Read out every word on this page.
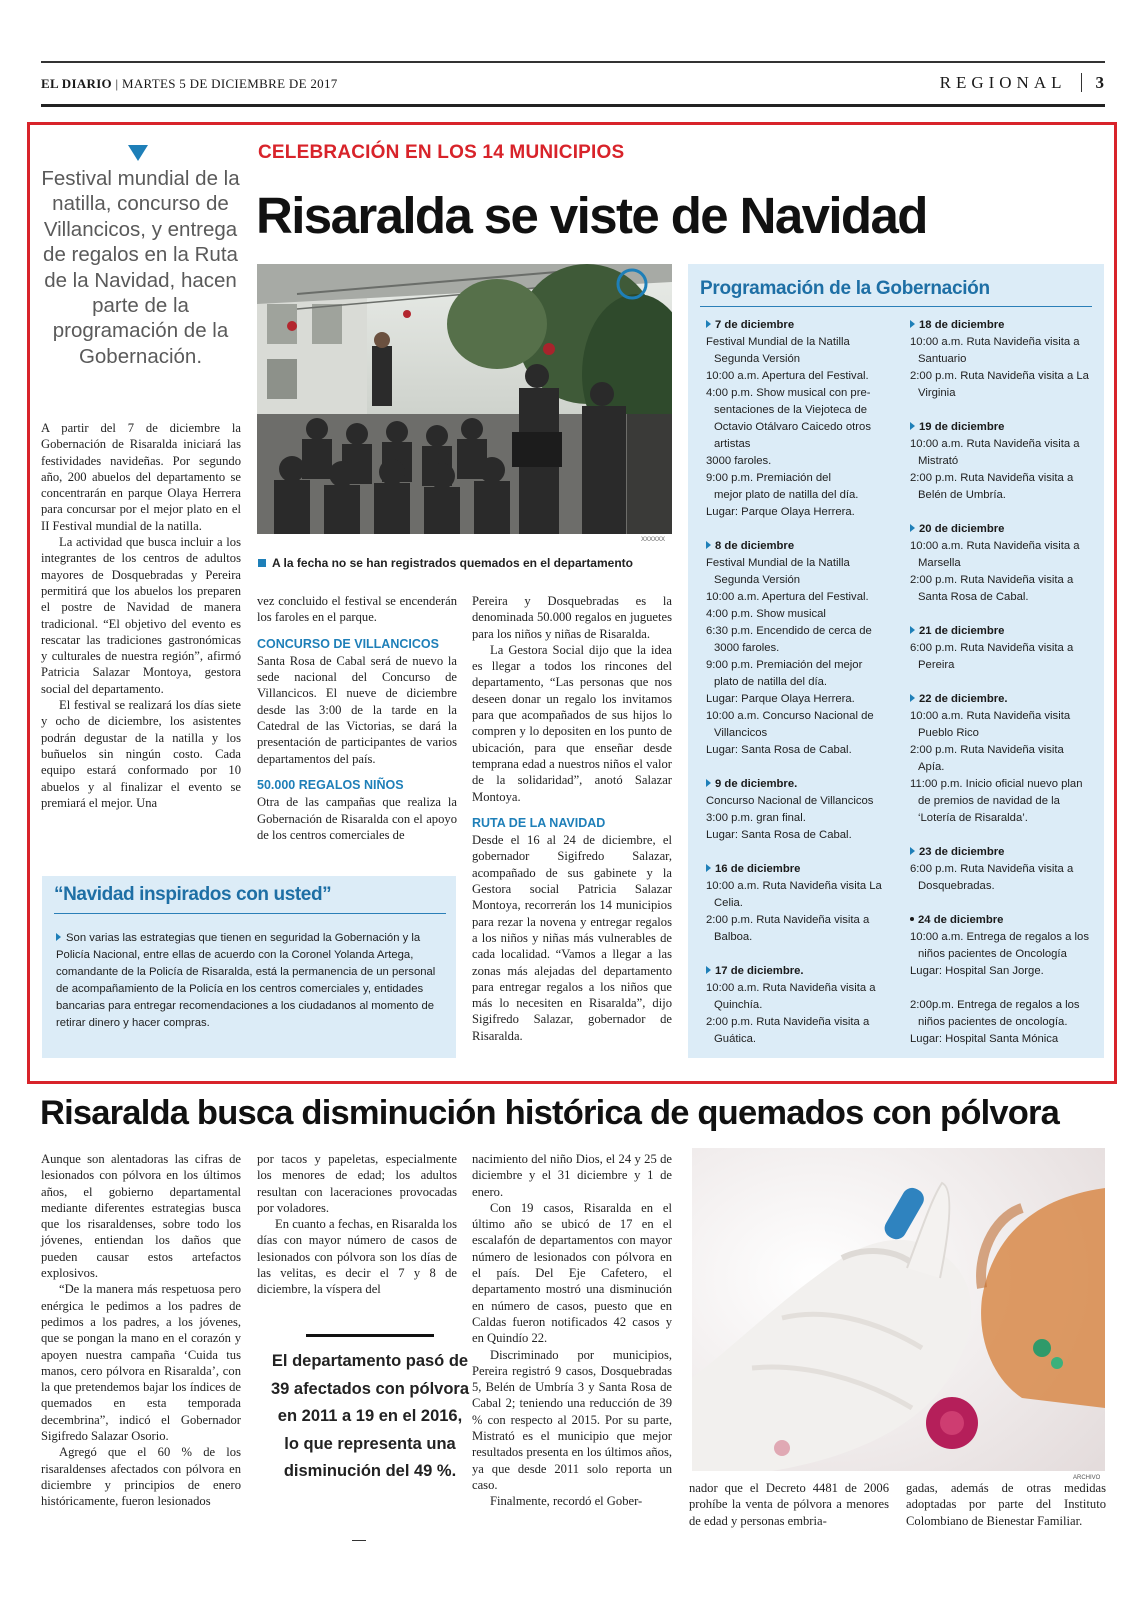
EL DIARIO | MARTES 5 DE DICIEMBRE DE 2017	REGIONAL 3
Festival mundial de la natilla, concurso de Villancicos, y entrega de regalos en la Ruta de la Navidad, hacen parte de la programación de la Gobernación.
CELEBRACIÓN EN LOS 14 MUNICIPIOS
Risaralda se viste de Navidad
XXXXXX
A la fecha no se han registrados quemados en el departamento

A partir del 7 de diciembre la Gobernación de Risaralda iniciará las festividades navideñas. Por segundo año, 200 abuelos del departamento se concentrarán en parque Olaya Herrera para concursar por el mejor plato en el II Festival mundial de la natilla.

La actividad que busca incluir a los integrantes de los centros de adultos mayores de Dosquebradas y Pereira permitirá que los abuelos los preparen el postre de Navidad de manera tradicional. “El objetivo del evento es rescatar las tradiciones gastronómicas y culturales de nuestra región”, afirmó Patricia Salazar Montoya, gestora social del departamento.

El festival se realizará los días siete y ocho de diciembre, los asistentes podrán degustar de la natilla y los buñuelos sin ningún costo. Cada equipo estará conformado por 10 abuelos y al finalizar el evento se premiará el mejor. Una

vez concluido el festival se encenderán los faroles en el parque.

CONCURSO DE VILLANCICOS

Santa Rosa de Cabal será de nuevo la sede nacional del Concurso de Villancicos. El nueve de diciembre desde las 3:00 de la tarde en la Catedral de las Victorias, se dará la presentación de participantes de varios departamentos del país.

50.000 REGALOS NIÑOS

Otra de las campañas que realiza la Gobernación de Risaralda con el apoyo de los centros comerciales de

Pereira y Dosquebradas es la denominada 50.000 regalos en juguetes para los niños y niñas de Risaralda.

La Gestora Social dijo que la idea es llegar a todos los rincones del departamento, “Las personas que nos deseen donar un regalo los invitamos para que acompañados de sus hijos lo compren y lo depositen en los punto de ubicación, para que enseñar desde temprana edad a nuestros niños el valor de la solidaridad”, anotó Salazar Montoya.

RUTA DE LA NAVIDAD

Desde el 16 al 24 de diciembre, el gobernador Sigifredo Salazar, acompañado de sus gabinete y la Gestora social Patricia Salazar Montoya, recorrerán los 14 municipios para rezar la novena y entregar regalos a los niños y niñas más vulnerables de cada localidad. “Vamos a llegar a las zonas más alejadas del departamento para entregar regalos a los niños que más lo necesiten en Risaralda”, dijo Sigifredo Salazar, gobernador de Risaralda.

Programación de la Gobernación
7 de diciembre
Festival Mundial de la Natilla
Segunda Versión
10:00 a.m. Apertura del Festival.
4:00 p.m. Show musical con pre-
sentaciones de la Viejoteca de
Octavio Otálvaro Caicedo otros
artistas
3000 faroles.
9:00 p.m. Premiación del
mejor plato de natilla del día.
Lugar: Parque Olaya Herrera.
8 de diciembre
Festival Mundial de la Natilla
Segunda Versión
10:00 a.m. Apertura del Festival.
4:00 p.m. Show musical
6:30 p.m. Encendido de cerca de
3000 faroles.
9:00 p.m. Premiación del mejor
plato de natilla del día.
Lugar: Parque Olaya Herrera.
10:00 a.m. Concurso Nacional de
Villancicos
Lugar: Santa Rosa de Cabal.
9 de diciembre.
Concurso Nacional de Villancicos
3:00 p.m. gran final.
Lugar: Santa Rosa de Cabal.
16 de diciembre
10:00 a.m. Ruta Navideña visita La
Celia.
2:00 p.m. Ruta Navideña visita a
Balboa.
17 de diciembre.
10:00 a.m. Ruta Navideña visita a
Quinchía.
2:00 p.m. Ruta Navideña visita a
Guática.
18 de diciembre
10:00 a.m. Ruta Navideña visita a
Santuario
2:00 p.m. Ruta Navideña visita a La
Virginia
19 de diciembre
10:00 a.m. Ruta Navideña visita a
Mistrató
2:00 p.m. Ruta Navideña visita a
Belén de Umbría.
20 de diciembre
10:00 a.m. Ruta Navideña visita a
Marsella
2:00 p.m. Ruta Navideña visita a
Santa Rosa de Cabal.
21 de diciembre
6:00 p.m. Ruta Navideña visita a
Pereira
22 de diciembre.
10:00 a.m. Ruta Navideña visita
Pueblo Rico
2:00 p.m. Ruta Navideña visita
Apía.
11:00 p.m. Inicio oficial nuevo plan
de premios de navidad de la
‘Lotería de Risaralda’.
23 de diciembre
6:00 p.m. Ruta Navideña visita a
Dosquebradas.
24 de diciembre
10:00 a.m. Entrega de regalos a los
niños pacientes de Oncología
Lugar: Hospital San Jorge.
2:00p.m. Entrega de regalos a los
niños pacientes de oncología.
Lugar: Hospital Santa Mónica
“Navidad inspirados con usted”
Son varias las estrategias que tienen en seguridad la Gobernación y la Policía Nacional, entre ellas de acuerdo con la Coronel Yolanda Artega, comandante de la Policía de Risaralda, está la permanencia de un personal de acompañamiento de la Policía en los centros comerciales y, entidades bancarias para entregar recomendaciones a los ciudadanos al momento de retirar dinero y hacer compras.
Risaralda busca disminución histórica de quemados con pólvora

Aunque son alentadoras las cifras de lesionados con pólvora en los últimos años, el gobierno departamental mediante diferentes estrategias busca que los risaraldenses, sobre todo los jóvenes, entiendan los daños que pueden causar estos artefactos explosivos.

“De la manera más respetuosa pero enérgica le pedimos a los padres de pedimos a los padres, a los jóvenes, que se pongan la mano en el corazón y apoyen nuestra campaña ‘Cuida tus manos, cero pólvora en Risaralda’, con la que pretendemos bajar los índices de quemados en esta temporada decembrina”, indicó el Gobernador Sigifredo Salazar Osorio.

Agregó que el 60 % de los risaraldenses afectados con pólvora en diciembre y principios de enero históricamente, fueron lesionados

por tacos y papeletas, especialmente los menores de edad; los adultos resultan con laceraciones provocadas por voladores.

En cuanto a fechas, en Risaralda los días con mayor número de casos de lesionados con pólvora son los días de las velitas, es decir el 7 y 8 de diciembre, la víspera del

El departamento pasó de 39 afectados con pólvora en 2011 a 19 en el 2016, lo que representa una disminución del 49 %.

nacimiento del niño Dios, el 24 y 25 de diciembre y el 31 diciembre y 1 de enero.

Con 19 casos, Risaralda en el último año se ubicó de 17 en el escalafón de departamentos con mayor número de lesionados con pólvora en el país. Del Eje Cafetero, el departamento mostró una disminución en número de casos, puesto que en Caldas fueron notificados 42 casos y en Quindío 22.

Discriminado por municipios, Pereira registró 9 casos, Dosquebradas 5, Belén de Umbría 3 y Santa Rosa de Cabal 2; teniendo una reducción de 39 % con respecto al 2015. Por su parte, Mistrató es el municipio que mejor resultados presenta en los últimos años, ya que desde 2011 solo reporta un caso.

Finalmente, recordó el Gober-

ARCHIVO

nador que el Decreto 4481 de 2006 prohíbe la venta de pólvora a menores de edad y personas embria-

gadas, además de otras medidas adoptadas por parte del Instituto Colombiano de Bienestar Familiar.
